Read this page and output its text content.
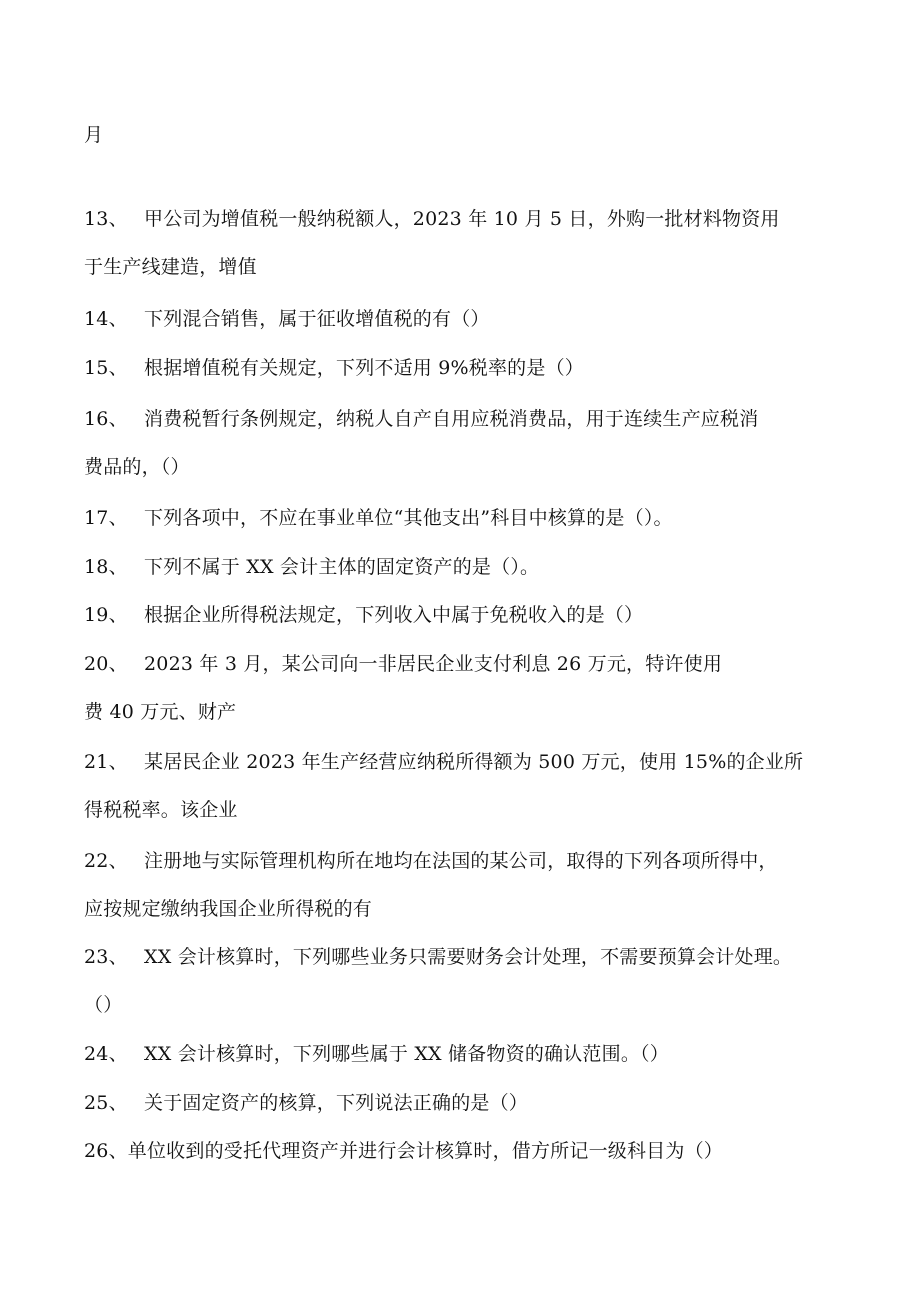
月
13、 甲公司为增值税一般纳税额人，2023 年 10 月 5 日，外购一批材料物资用
于生产线建造，增值
14、 下列混合销售，属于征收增值税的有（）
15、 根据增值税有关规定，下列不适用 9%税率的是（）
16、 消费税暂行条例规定，纳税人自产自用应税消费品，用于连续生产应税消
费品的，（）
17、 下列各项中，不应在事业单位“其他支出”科目中核算的是（）。
18、 下列不属于 XX 会计主体的固定资产的是（）。
19、 根据企业所得税法规定，下列收入中属于免税收入的是（）
20、 2023 年 3 月，某公司向一非居民企业支付利息 26 万元，特许使用
费 40 万元、财产
21、 某居民企业 2023 年生产经营应纳税所得额为 500 万元，使用 15%的企业所
得税税率。该企业
22、 注册地与实际管理机构所在地均在法国的某公司，取得的下列各项所得中，
应按规定缴纳我国企业所得税的有
23、 XX 会计核算时，下列哪些业务只需要财务会计处理，不需要预算会计处理。
（）
24、 XX 会计核算时，下列哪些属于 XX 储备物资的确认范围。（）
25、 关于固定资产的核算，下列说法正确的是（）
26、单位收到的受托代理资产并进行会计核算时，借方所记一级科目为（）
